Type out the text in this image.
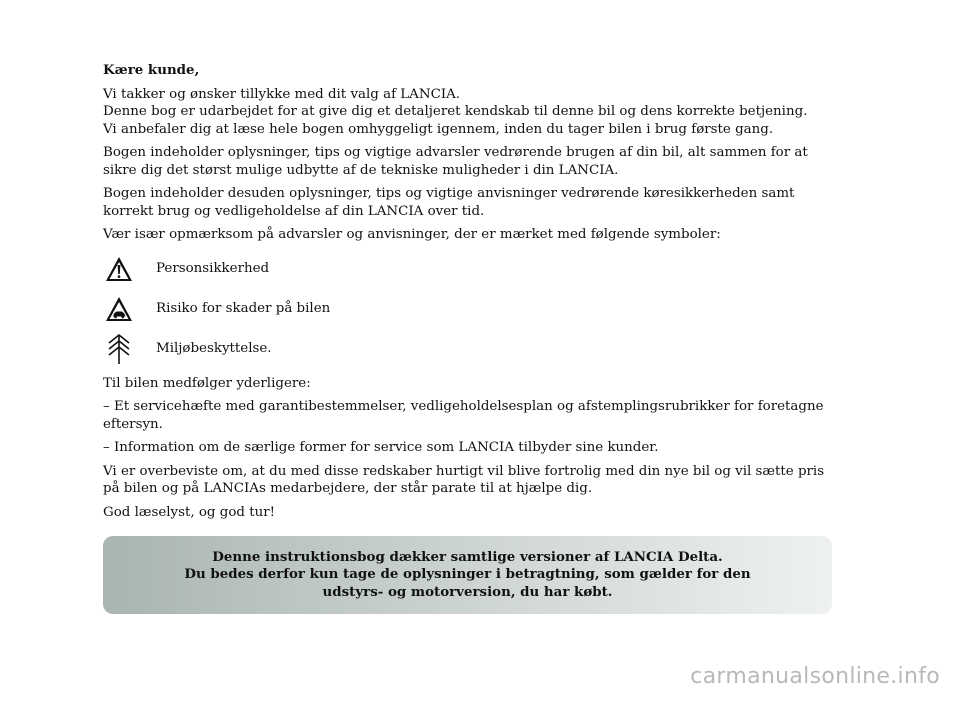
Kære kunde,

Vi takker og ønsker tillykke med dit valg af LANCIA.

Denne bog er udarbejdet for at give dig et detaljeret kendskab til denne bil og dens korrekte betjening.

Vi anbefaler dig at læse hele bogen omhyggeligt igennem, inden du tager bilen i brug første gang.

Bogen indeholder oplysninger, tips og vigtige advarsler vedrørende brugen af din bil, alt sammen for at sikre dig det størst mulige udbytte af de tekniske muligheder i din LANCIA.

Bogen indeholder desuden oplysninger, tips og vigtige anvisninger vedrørende køresikkerheden samt korrekt brug og vedligeholdelse af din LANCIA over tid.

Vær især opmærksom på advarsler og anvisninger, der er mærket med følgende symboler:

Personsikkerhed

Risiko for skader på bilen

Miljøbeskyttelse.

Til bilen medfølger yderligere:

– Et servicehæfte med garantibestemmelser, vedligeholdelsesplan og afstemplingsrubrikker for foretagne eftersyn.

– Information om de særlige former for service som LANCIA tilbyder sine kunder.

Vi er overbeviste om, at du med disse redskaber hurtigt vil blive fortrolig med din nye bil og vil sætte pris på bilen og på LANCIAs medarbejdere, der står parate til at hjælpe dig.

God læselyst, og god tur!

Denne instruktionsbog dækker samtlige versioner af LANCIA Delta.

Du bedes derfor kun tage de oplysninger i betragtning, som gælder for den udstyrs- og motorversion, du har købt.

carmanualsonline.info
